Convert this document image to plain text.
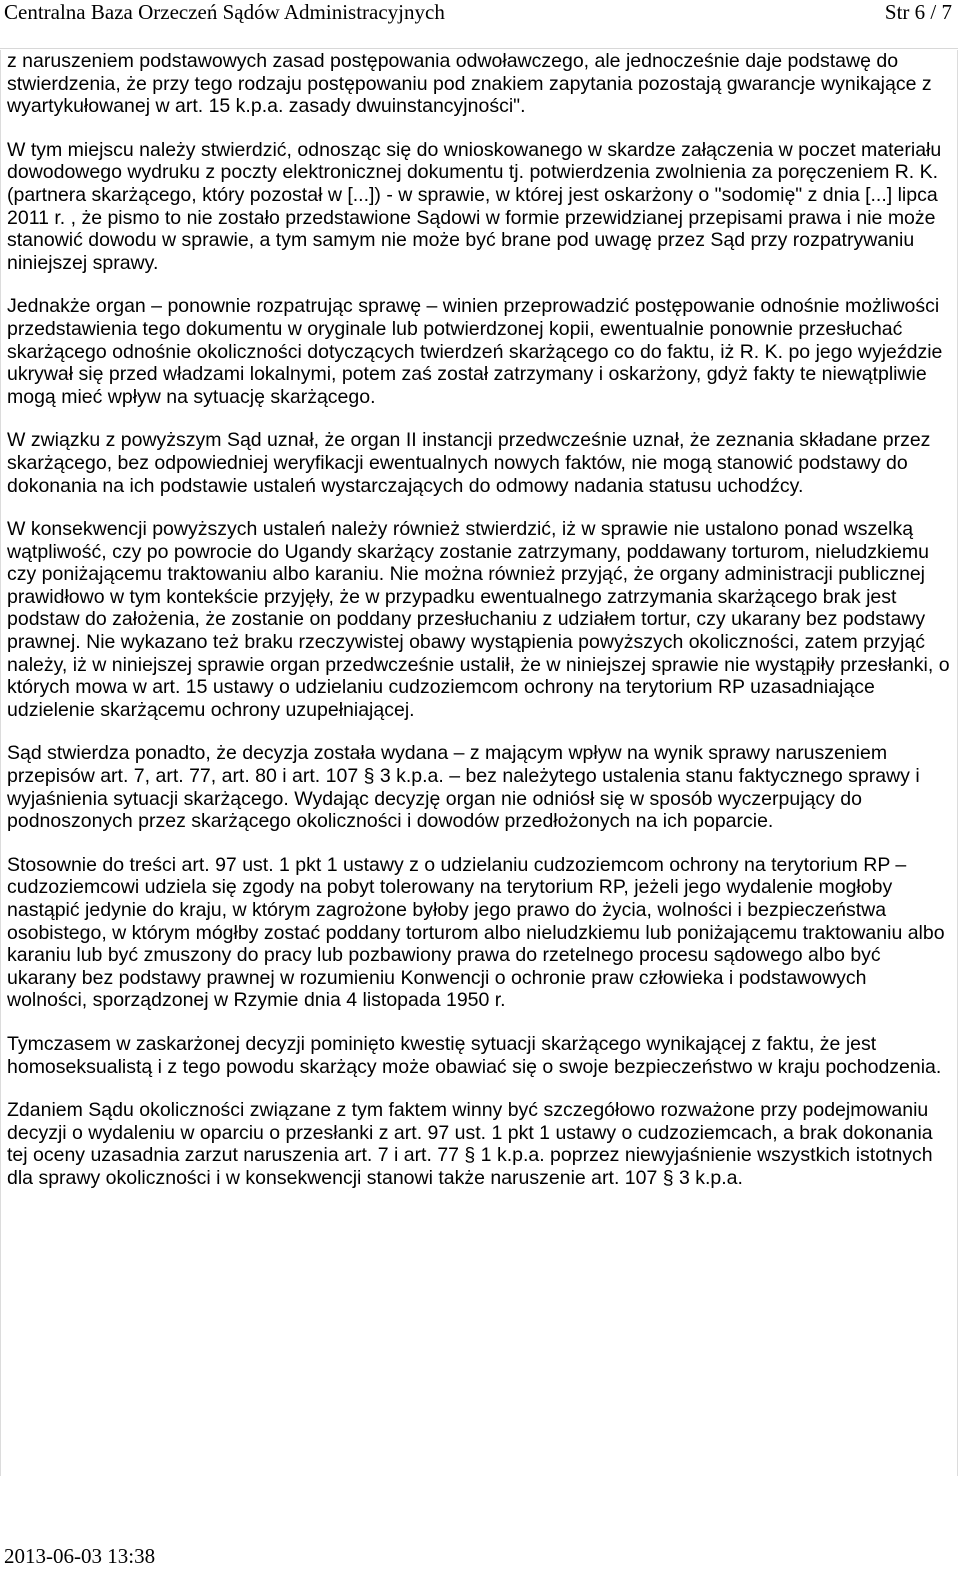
Centralna Baza Orzeczeń Sądów Administracyjnych	Str 6 / 7

z naruszeniem podstawowych zasad postępowania odwoławczego, ale jednocześnie daje podstawę do stwierdzenia, że przy tego rodzaju postępowaniu pod znakiem zapytania pozostają gwarancje wynikające z wyartykułowanej w art. 15 k.p.a. zasady dwuinstancyjności".

W tym miejscu należy stwierdzić, odnosząc się do wnioskowanego w skardze załączenia w poczet materiału dowodowego wydruku z poczty elektronicznej dokumentu tj. potwierdzenia zwolnienia za poręczeniem R. K. (partnera skarżącego, który pozostał w [...]) - w sprawie, w której jest oskarżony o "sodomię" z dnia [...] lipca 2011 r. , że pismo to nie zostało przedstawione Sądowi w formie przewidzianej przepisami prawa i nie może stanowić dowodu w sprawie, a tym samym nie może być brane pod uwagę przez Sąd przy rozpatrywaniu niniejszej sprawy.

Jednakże organ – ponownie rozpatrując sprawę – winien przeprowadzić postępowanie odnośnie możliwości przedstawienia tego dokumentu w oryginale lub potwierdzonej kopii, ewentualnie ponownie przesłuchać skarżącego odnośnie okoliczności dotyczących twierdzeń skarżącego co do faktu, iż R. K. po jego wyjeździe ukrywał się przed władzami lokalnymi, potem zaś został zatrzymany i oskarżony, gdyż fakty te niewątpliwie mogą mieć wpływ na sytuację skarżącego.

W związku z powyższym Sąd uznał, że organ II instancji przedwcześnie uznał, że zeznania składane przez skarżącego, bez odpowiedniej weryfikacji ewentualnych nowych faktów, nie mogą stanowić podstawy do dokonania na ich podstawie ustaleń wystarczających do odmowy nadania statusu uchodźcy.

W konsekwencji powyższych ustaleń należy również stwierdzić, iż w sprawie nie ustalono ponad wszelką wątpliwość, czy po powrocie do Ugandy skarżący zostanie zatrzymany, poddawany torturom, nieludzkiemu czy poniżającemu traktowaniu albo karaniu. Nie można również przyjąć, że organy administracji publicznej prawidłowo w tym kontekście przyjęły, że w przypadku ewentualnego zatrzymania skarżącego brak jest podstaw do założenia, że zostanie on poddany przesłuchaniu z udziałem tortur, czy ukarany bez podstawy prawnej. Nie wykazano też braku rzeczywistej obawy wystąpienia powyższych okoliczności, zatem przyjąć należy, iż w niniejszej sprawie organ przedwcześnie ustalił, że w niniejszej sprawie nie wystąpiły przesłanki, o których mowa w art. 15 ustawy o udzielaniu cudzoziemcom ochrony na terytorium RP uzasadniające udzielenie skarżącemu ochrony uzupełniającej.

Sąd stwierdza ponadto, że decyzja została wydana – z mającym wpływ na wynik sprawy naruszeniem przepisów art. 7, art. 77, art. 80 i art. 107 § 3 k.p.a. – bez należytego ustalenia stanu faktycznego sprawy i wyjaśnienia sytuacji skarżącego. Wydając decyzję organ nie odniósł się w sposób wyczerpujący do podnoszonych przez skarżącego okoliczności i dowodów przedłożonych na ich poparcie.

Stosownie do treści art. 97 ust. 1 pkt 1 ustawy z o udzielaniu cudzoziemcom ochrony na terytorium RP – cudzoziemcowi udziela się zgody na pobyt tolerowany na terytorium RP, jeżeli jego wydalenie mogłoby nastąpić jedynie do kraju, w którym zagrożone byłoby jego prawo do życia, wolności i bezpieczeństwa osobistego, w którym mógłby zostać poddany torturom albo nieludzkiemu lub poniżającemu traktowaniu albo karaniu lub być zmuszony do pracy lub pozbawiony prawa do rzetelnego procesu sądowego albo być ukarany bez podstawy prawnej w rozumieniu Konwencji o ochronie praw człowieka i podstawowych wolności, sporządzonej w Rzymie dnia 4 listopada 1950 r.

Tymczasem w zaskarżonej decyzji pominięto kwestię sytuacji skarżącego wynikającej z faktu, że jest homoseksualistą i z tego powodu skarżący może obawiać się o swoje bezpieczeństwo w kraju pochodzenia.

Zdaniem Sądu okoliczności związane z tym faktem winny być szczegółowo rozważone przy podejmowaniu decyzji o wydaleniu w oparciu o przesłanki z art. 97 ust. 1 pkt 1 ustawy o cudzoziemcach, a brak dokonania tej oceny uzasadnia zarzut naruszenia art. 7 i art. 77 § 1 k.p.a. poprzez niewyjaśnienie wszystkich istotnych dla sprawy okoliczności i w konsekwencji stanowi także naruszenie art. 107 § 3 k.p.a.

2013-06-03 13:38
